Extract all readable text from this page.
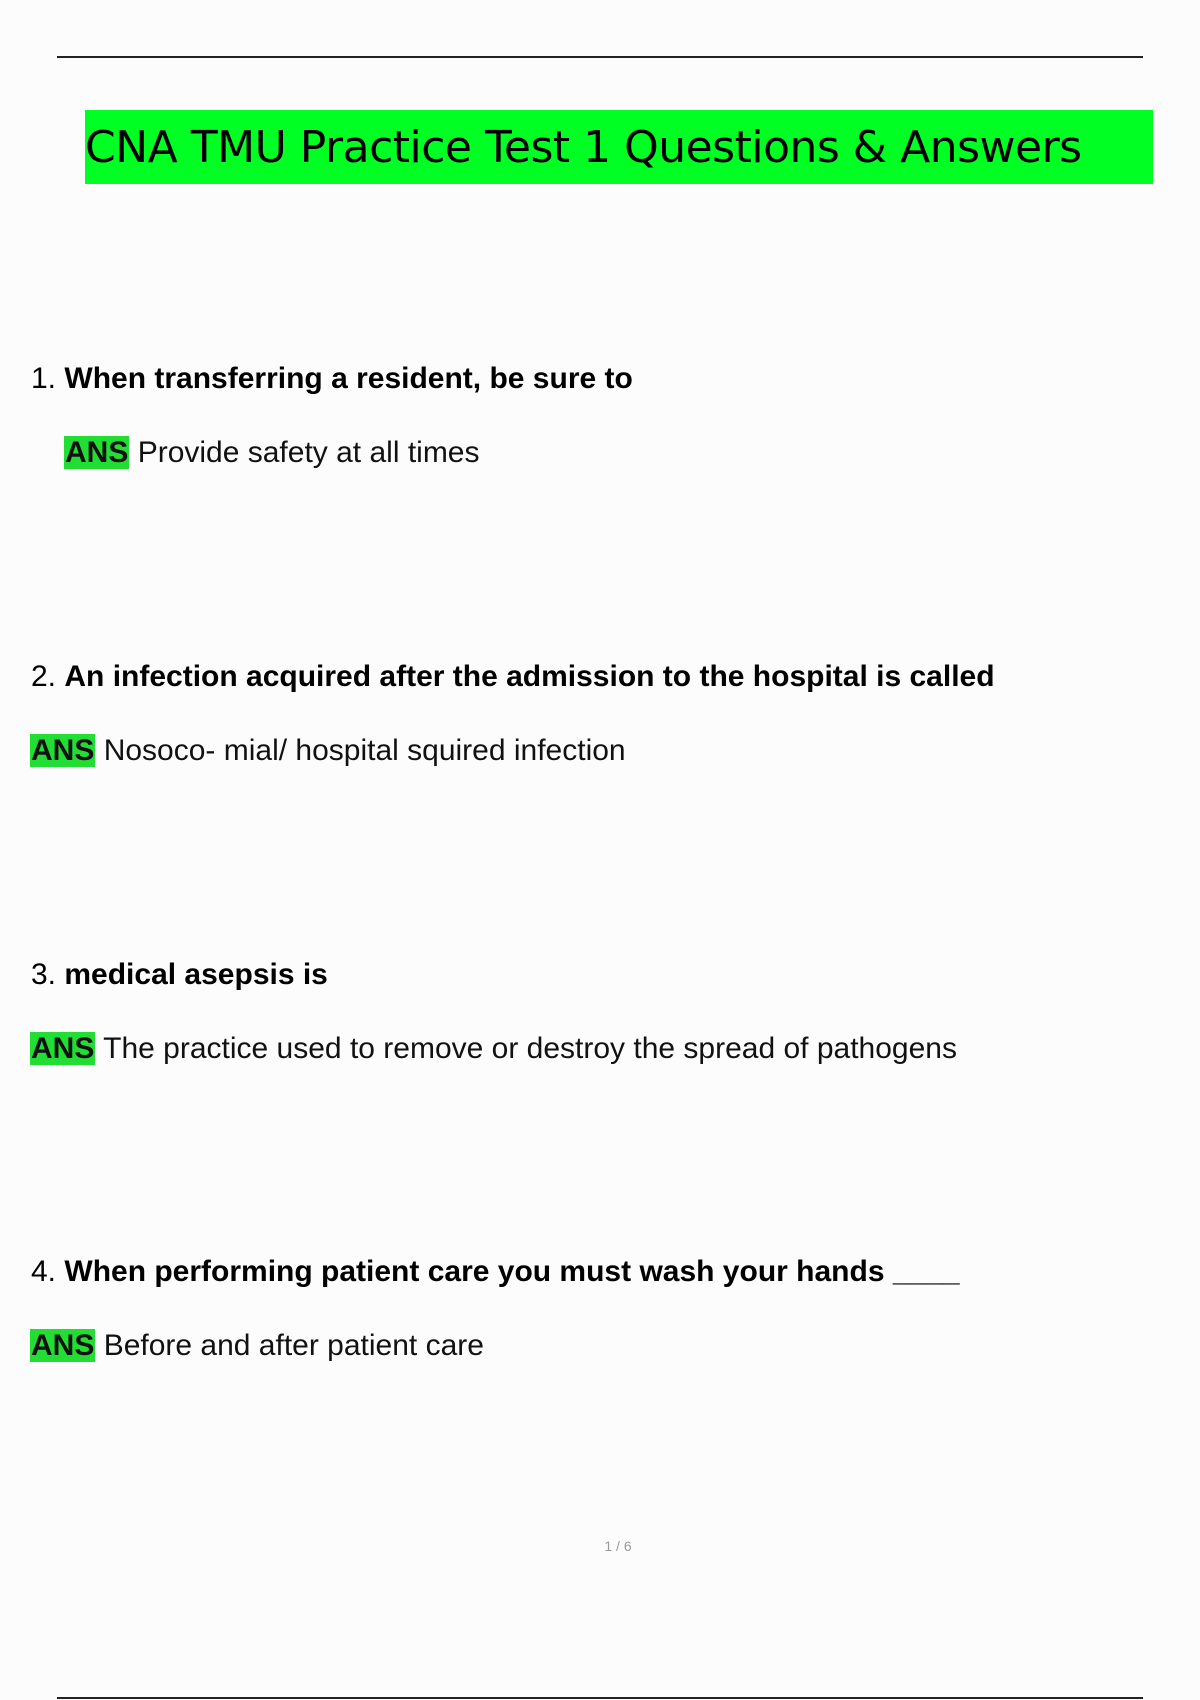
CNA TMU Practice Test 1 Questions & Answers
1. When transferring a resident, be sure to
ANS Provide safety at all times
2. An infection acquired after the admission to the hospital is called
ANS Nosoco- mial/ hospital squired infection
3. medical asepsis is
ANS The practice used to remove or destroy the spread of pathogens
4. When performing patient care you must wash your hands ____
ANS Before and after patient care
1 / 6
